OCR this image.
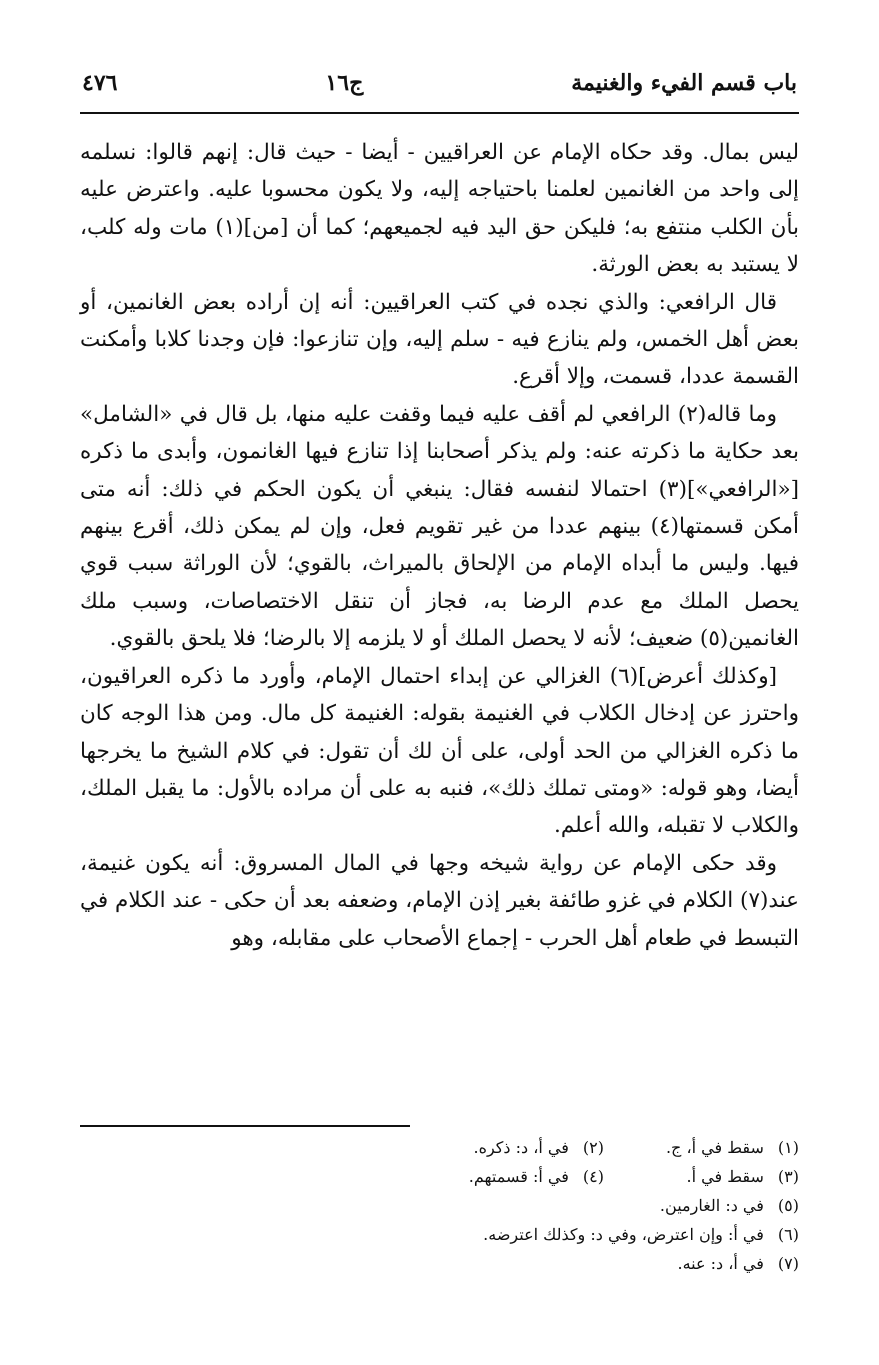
باب قسم الفيء والغنيمة
ج١٦
٤٧٦

ليس بمال. وقد حكاه الإمام عن العراقيين - أيضا - حيث قال: إنهم قالوا: نسلمه إلى واحد من الغانمين لعلمنا باحتياجه إليه، ولا يكون محسوبا عليه. واعترض عليه بأن الكلب منتفع به؛ فليكن حق اليد فيه لجميعهم؛ كما أن [من](١) مات وله كلب، لا يستبد به بعض الورثة.

قال الرافعي: والذي نجده في كتب العراقيين: أنه إن أراده بعض الغانمين، أو بعض أهل الخمس، ولم ينازع فيه - سلم إليه، وإن تنازعوا: فإن وجدنا كلابا وأمكنت القسمة عددا، قسمت، وإلا أقرع.

وما قاله(٢) الرافعي لم أقف عليه فيما وقفت عليه منها، بل قال في «الشامل» بعد حكاية ما ذكرته عنه: ولم يذكر أصحابنا إذا تنازع فيها الغانمون، وأبدى ما ذكره [«الرافعي»](٣) احتمالا لنفسه فقال: ينبغي أن يكون الحكم في ذلك: أنه متى أمكن قسمتها(٤) بينهم عددا من غير تقويم فعل، وإن لم يمكن ذلك، أقرع بينهم فيها. وليس ما أبداه الإمام من الإلحاق بالميراث، بالقوي؛ لأن الوراثة سبب قوي يحصل الملك مع عدم الرضا به، فجاز أن تنقل الاختصاصات، وسبب ملك الغانمين(٥) ضعيف؛ لأنه لا يحصل الملك أو لا يلزمه إلا بالرضا؛ فلا يلحق بالقوي.

[وكذلك أعرض](٦) الغزالي عن إبداء احتمال الإمام، وأورد ما ذكره العراقيون، واحترز عن إدخال الكلاب في الغنيمة بقوله: الغنيمة كل مال. ومن هذا الوجه كان ما ذكره الغزالي من الحد أولى، على أن لك أن تقول: في كلام الشيخ ما يخرجها أيضا، وهو قوله: «ومتى تملك ذلك»، فنبه به على أن مراده بالأول: ما يقبل الملك، والكلاب لا تقبله، والله أعلم.

وقد حكى الإمام عن رواية شيخه وجها في المال المسروق: أنه يكون غنيمة، عند(٧) الكلام في غزو طائفة بغير إذن الإمام، وضعفه بعد أن حكى - عند الكلام في التبسط في طعام أهل الحرب - إجماع الأصحاب على مقابله، وهو

(١) سقط في أ، ج.
(٢) في أ، د: ذكره.
(٣) سقط في أ.
(٤) في أ: قسمتهم.
(٥) في د: الغارمين.
(٦) في أ: وإن اعترض، وفي د: وكذلك اعترضه.
(٧) في أ، د: عنه.
